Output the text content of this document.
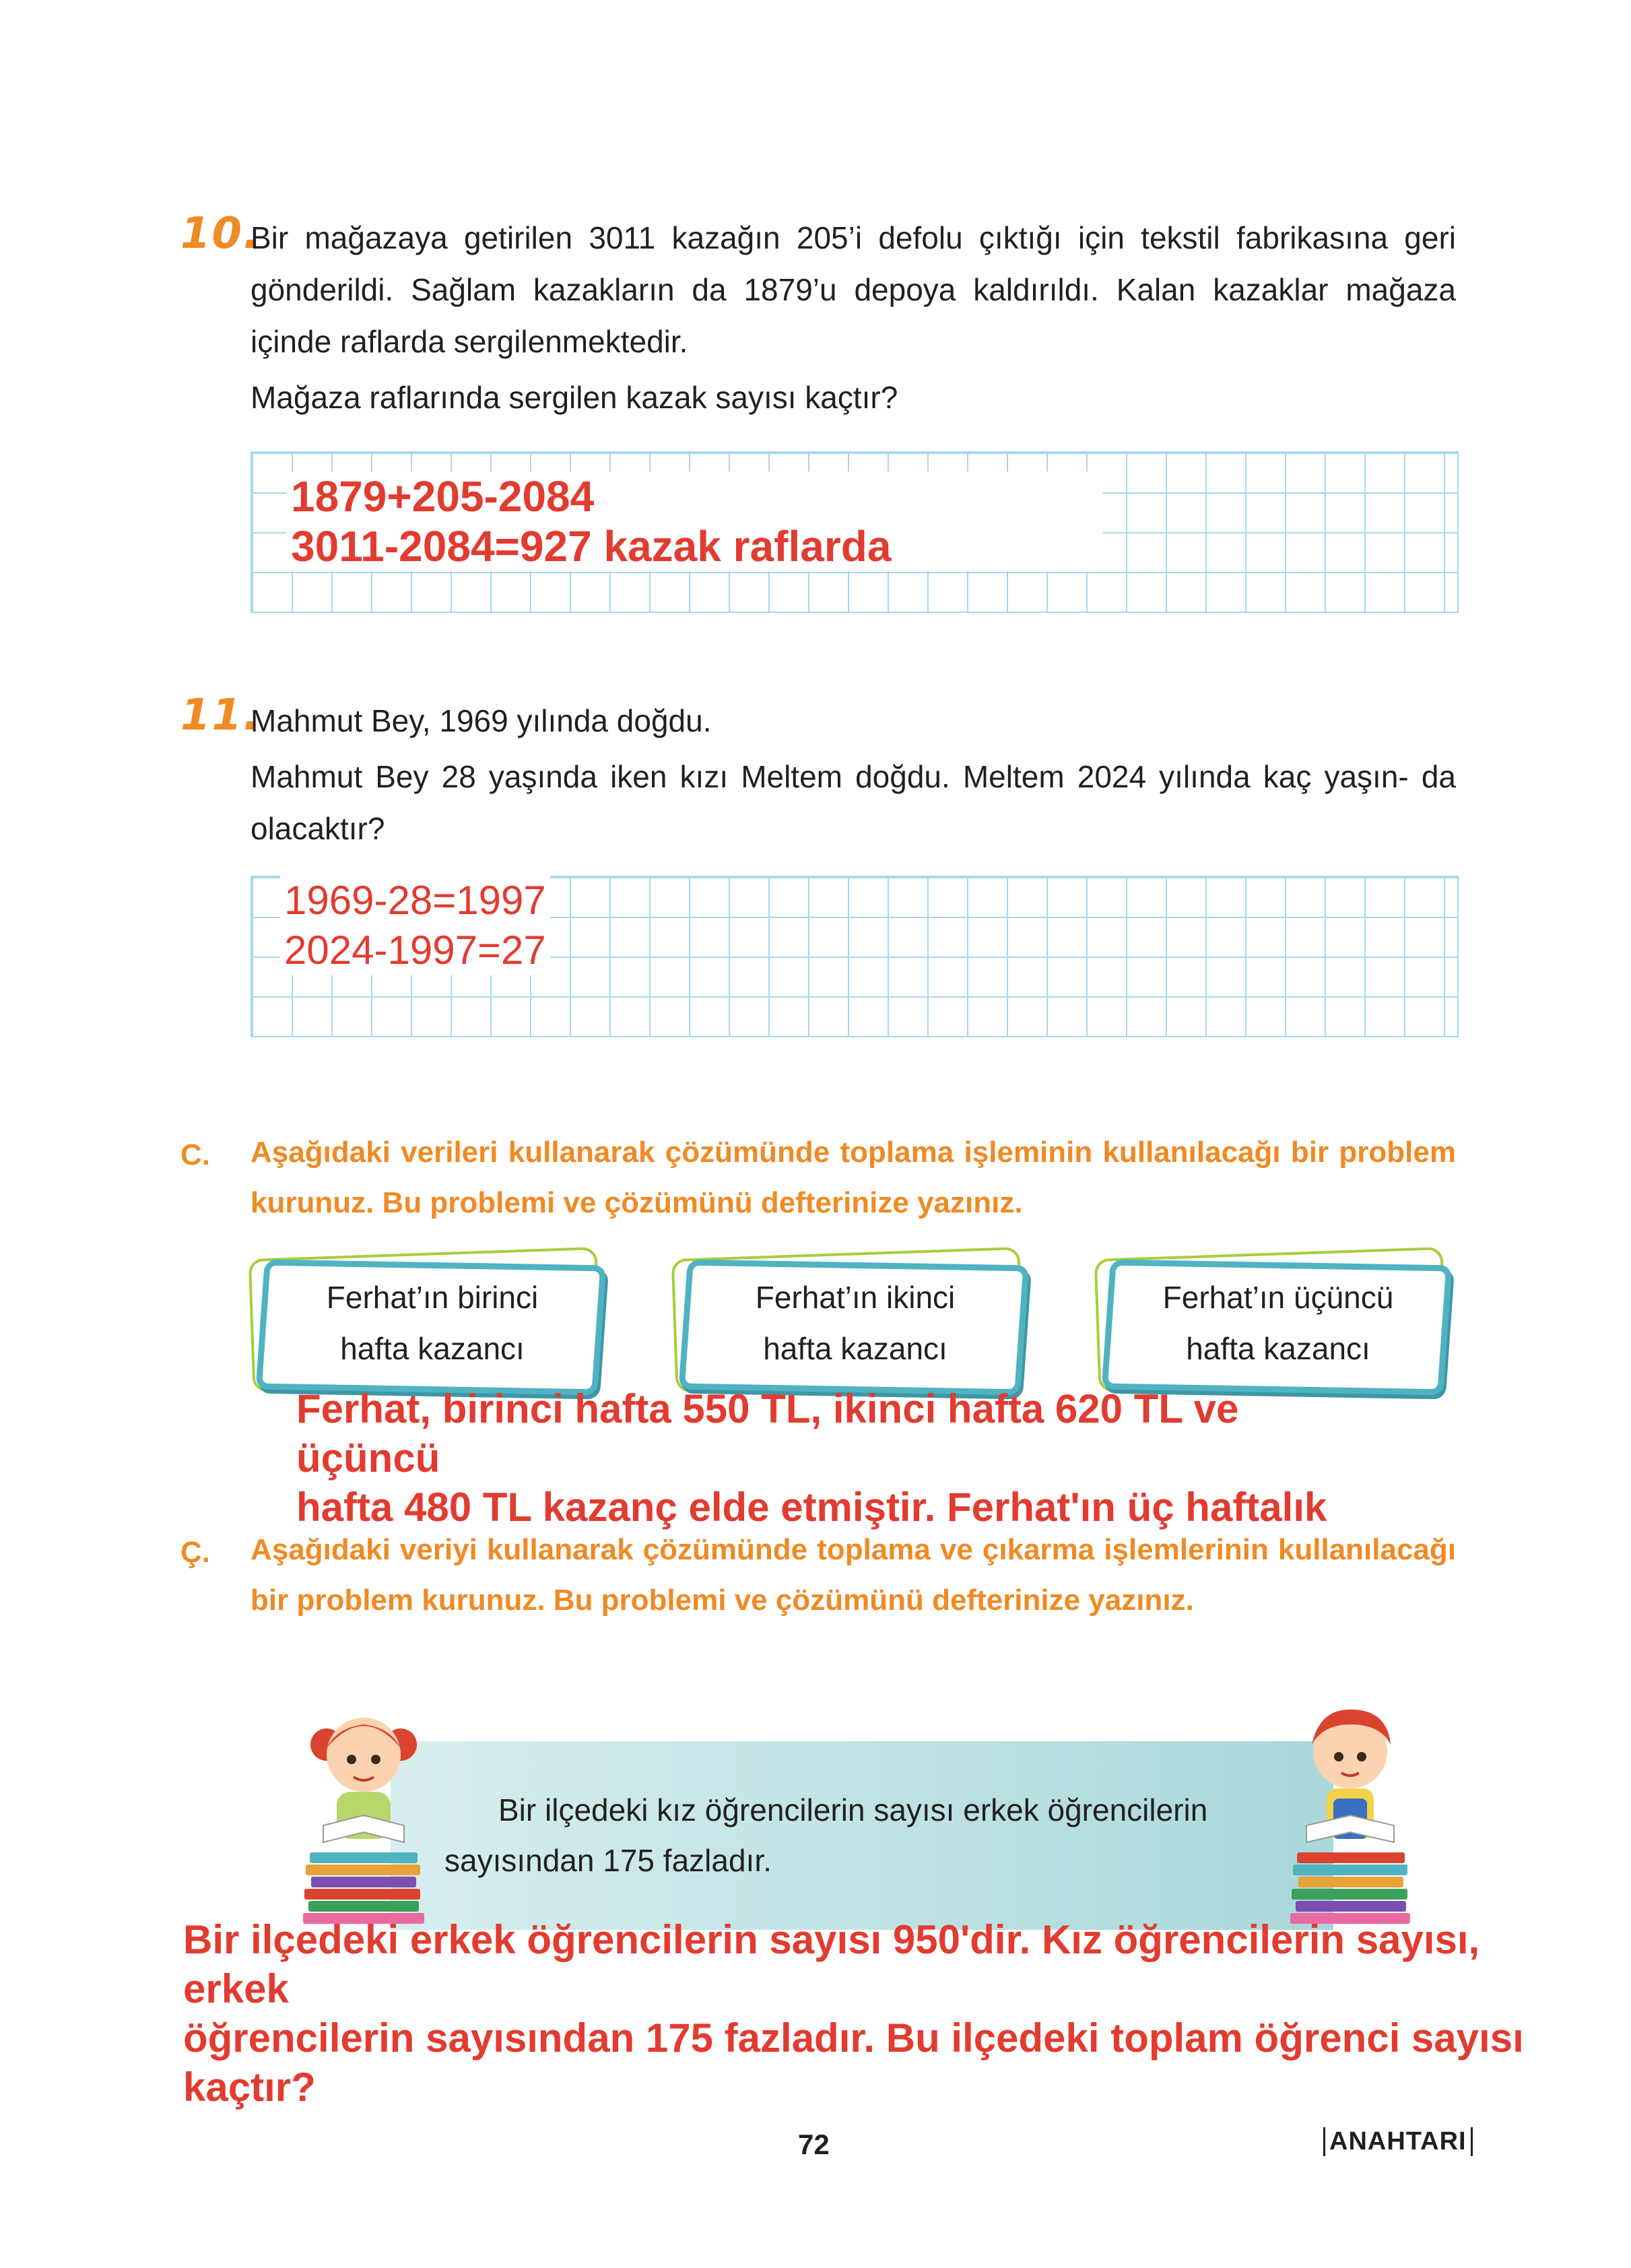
10.
Bir mağazaya getirilen 3011 kazağın 205’i defolu çıktığı için tekstil fabrikasına geri gönderildi. Sağlam kazakların da 1879’u depoya kaldırıldı. Kalan kazaklar mağaza içinde raflarda sergilenmektedir.
Mağaza raflarında sergilen kazak sayısı kaçtır?
1879+205-2084
3011-2084=927 kazak raflarda
11.
Mahmut Bey, 1969 yılında doğdu.
Mahmut Bey 28 yaşında iken kızı Meltem doğdu. Meltem 2024 yılında kaç yaşın- da olacaktır?
1969-28=1997
2024-1997=27
C. Aşağıdaki verileri kullanarak çözümünde toplama işleminin kullanılacağı bir problem kurunuz. Bu problemi ve çözümünü defterinize yazınız.
Ferhat’ın birinci
hafta kazancı
Ferhat’ın ikinci
hafta kazancı
Ferhat’ın üçüncü
hafta kazancı
Ferhat, birinci hafta 550 TL, ikinci hafta 620 TL ve
üçüncü
hafta 480 TL kazanç elde etmiştir. Ferhat'ın üç haftalık
Ç. Aşağıdaki veriyi kullanarak çözümünde toplama ve çıkarma işlemlerinin kullanılacağı bir problem kurunuz. Bu problemi ve çözümünü defterinize yazınız.
Bir ilçedeki kız öğrencilerin sayısı erkek öğrencilerin sayısından 175 fazladır.
Bir ilçedeki erkek öğrencilerin sayısı 950'dir. Kız öğrencilerin sayısı,
erkek
öğrencilerin sayısından 175 fazladır. Bu ilçedeki toplam öğrenci sayısı
kaçtır?
72	ANAHTARI
